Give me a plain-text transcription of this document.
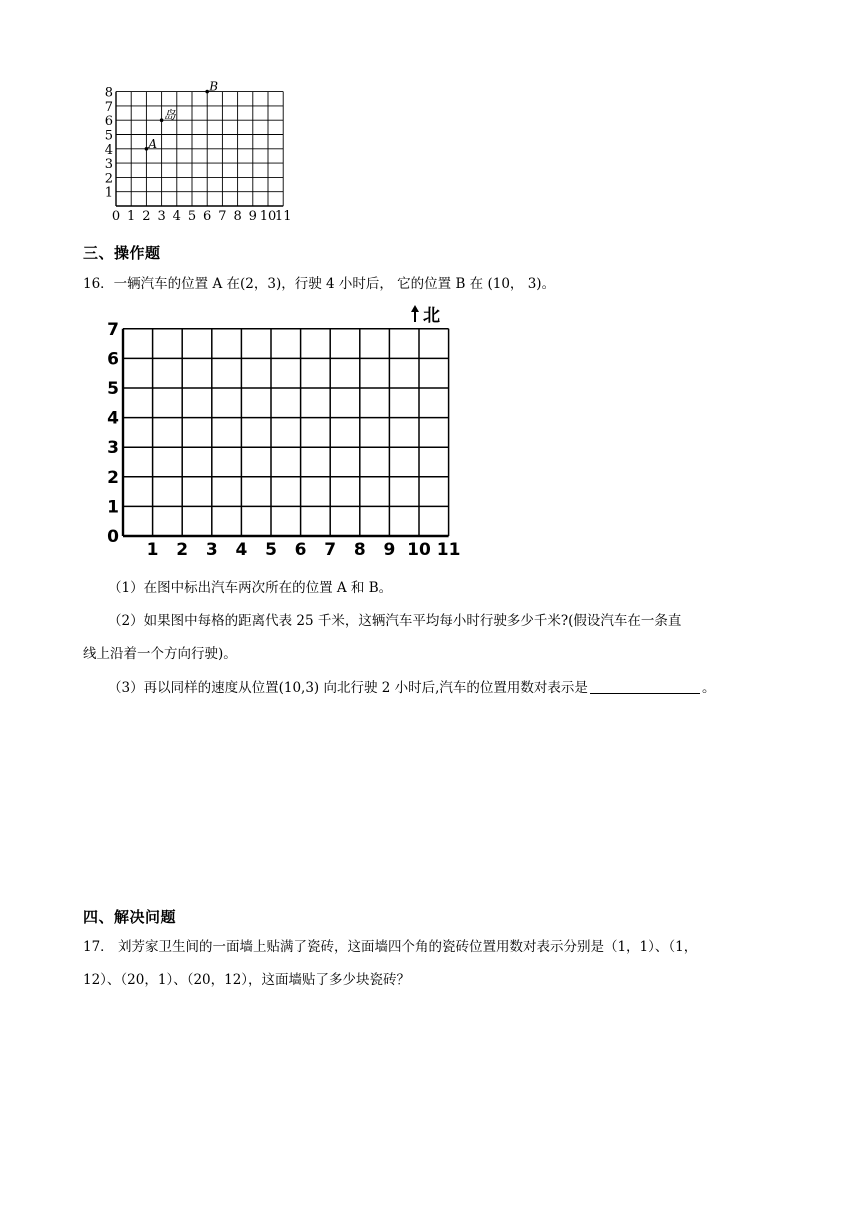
1
2
3
4
5
6
7
8
0 1 2 3 4 5 6 7 8 9 10
11
A
B
岛
三、操作题
16．一辆汽车的位置 A 在(2，3)，行驶 4 小时后， 它的位置 B 在 (10， 3)。
0
1
2
3
4
5
6
7
1 2 3 4 5 6 7 8 9 10 11
北
（1）在图中标出汽车两次所在的位置 A 和 B。
（2）如果图中每格的距离代表 25 千米，这辆汽车平均每小时行驶多少千米?(假设汽车在一条直
线上沿着一个方向行驶)。
（3）再以同样的速度从位置(10,3) 向北行驶 2 小时后,汽车的位置用数对表示是	。
四、解决问题
17． 刘芳家卫生间的一面墙上贴满了瓷砖，这面墙四个角的瓷砖位置用数对表示分别是（1，1）、（1，
12）、（20，1）、（20，12），这面墙贴了多少块瓷砖？
